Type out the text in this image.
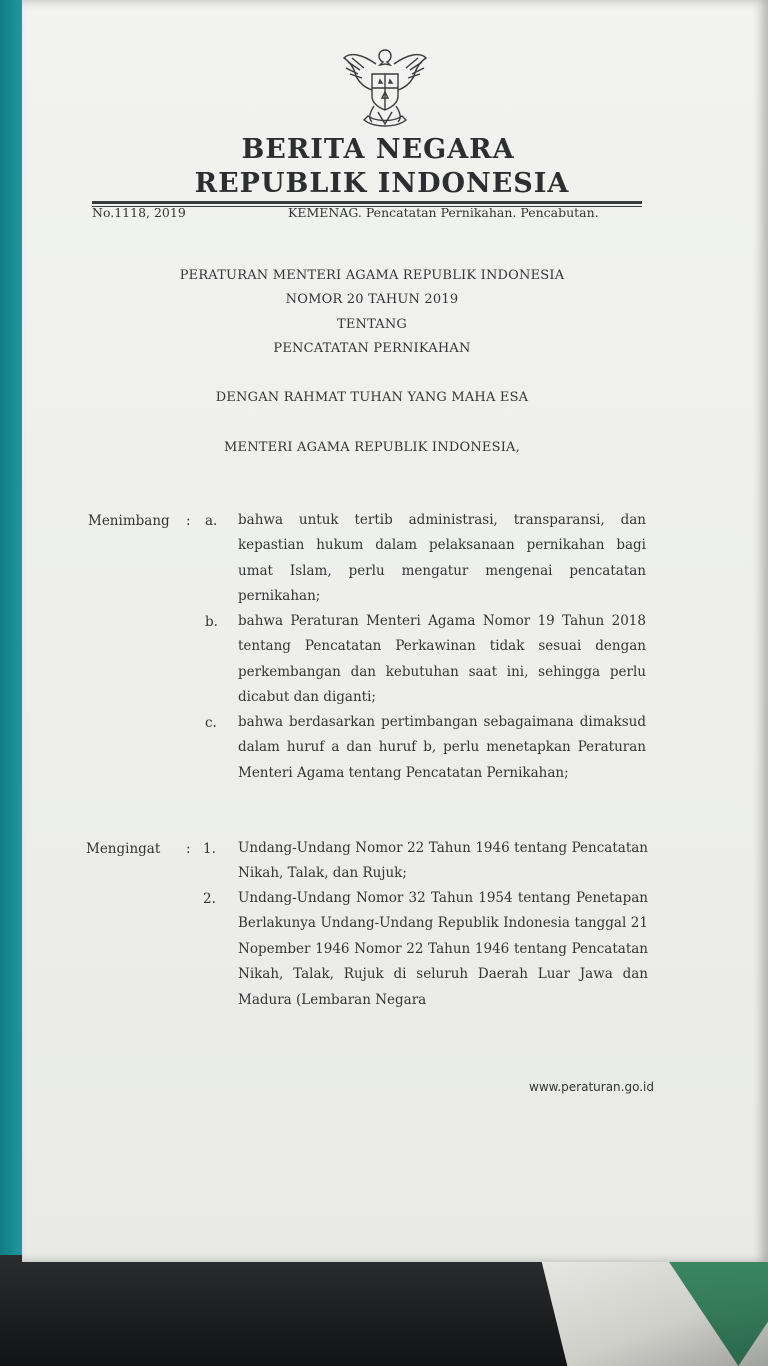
BERITA NEGARA
REPUBLIK INDONESIA
No.1118, 2019	KEMENAG. Pencatatan Pernikahan. Pencabutan.
PERATURAN MENTERI AGAMA REPUBLIK INDONESIA
NOMOR 20 TAHUN 2019
TENTANG
PENCATATAN PERNIKAHAN
DENGAN RAHMAT TUHAN YANG MAHA ESA
MENTERI AGAMA REPUBLIK INDONESIA,
Menimbang : a. bahwa untuk tertib administrasi, transparansi, dan kepastian hukum dalam pelaksanaan pernikahan bagi umat Islam, perlu mengatur mengenai pencatatan pernikahan;
b. bahwa Peraturan Menteri Agama Nomor 19 Tahun 2018 tentang Pencatatan Perkawinan tidak sesuai dengan perkembangan dan kebutuhan saat ini, sehingga perlu dicabut dan diganti;
c. bahwa berdasarkan pertimbangan sebagaimana dimaksud dalam huruf a dan huruf b, perlu menetapkan Peraturan Menteri Agama tentang Pencatatan Pernikahan;
Mengingat : 1. Undang-Undang Nomor 22 Tahun 1946 tentang Pencatatan Nikah, Talak, dan Rujuk;
2. Undang-Undang Nomor 32 Tahun 1954 tentang Penetapan Berlakunya Undang-Undang Republik Indonesia tanggal 21 Nopember 1946 Nomor 22 Tahun 1946 tentang Pencatatan Nikah, Talak, Rujuk di seluruh Daerah Luar Jawa dan Madura (Lembaran Negara
www.peraturan.go.id
